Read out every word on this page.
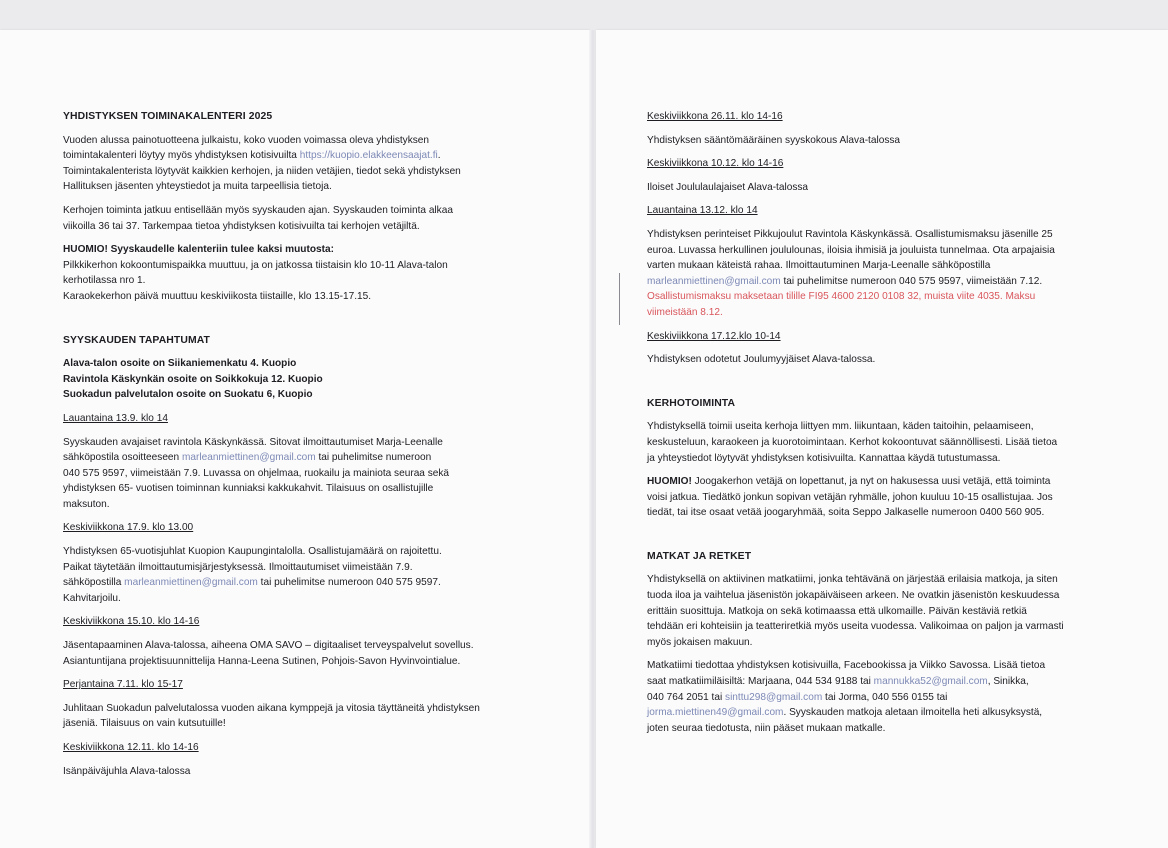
YHDISTYKSEN TOIMINAKALENTERI 2025
Vuoden alussa painotuotteena julkaistu, koko vuoden voimassa oleva yhdistyksen
toimintakalenteri löytyy myös yhdistyksen kotisivuilta https://kuopio.elakkeensaajat.fi.
Toimintakalenterista löytyvät kaikkien kerhojen, ja niiden vetäjien, tiedot sekä yhdistyksen
Hallituksen jäsenten yhteystiedot ja muita tarpeellisia tietoja.
Kerhojen toiminta jatkuu entisellään myös syyskauden ajan. Syyskauden toiminta alkaa
viikoilla 36 tai 37. Tarkempaa tietoa yhdistyksen kotisivuilta tai kerhojen vetäjiltä.
HUOMIO! Syyskaudelle kalenteriin tulee kaksi muutosta:
Pilkkikerhon kokoontumispaikka muuttuu, ja on jatkossa tiistaisin klo 10-11 Alava-talon
kerhotilassa nro 1.
Karaokekerhon päivä muuttuu keskiviikosta tiistaille, klo 13.15-17.15.
SYYSKAUDEN TAPAHTUMAT
Alava-talon osoite on Siikaniemenkatu 4. Kuopio
Ravintola Käskynkän osoite on Soikkokuja 12. Kuopio
Suokadun palvelutalon osoite on Suokatu 6, Kuopio
Lauantaina 13.9. klo 14
Syyskauden avajaiset ravintola Käskynkässä. Sitovat ilmoittautumiset Marja-Leenalle
sähköpostila osoitteeseen marleanmiettinen@gmail.com tai puhelimitse numeroon
040 575 9597, viimeistään 7.9. Luvassa on ohjelmaa, ruokailu ja mainiota seuraa sekä
yhdistyksen 65- vuotisen toiminnan kunniaksi kakkukahvit. Tilaisuus on osallistujille
maksuton.
Keskiviikkona 17.9. klo 13.00
Yhdistyksen 65-vuotisjuhlat Kuopion Kaupungintalolla. Osallistujamäärä on rajoitettu.
Paikat täytetään ilmoittautumisjärjestyksessä. Ilmoittautumiset viimeistään 7.9.
sähköpostilla marleanmiettinen@gmail.com tai puhelimitse numeroon 040 575 9597.
Kahvitarjoilu.
Keskiviikkona 15.10. klo 14-16
Jäsentapaaminen Alava-talossa, aiheena OMA SAVO – digitaaliset terveyspalvelut sovellus.
Asiantuntijana projektisuunnittelija Hanna-Leena Sutinen, Pohjois-Savon Hyvinvointialue.
Perjantaina 7.11. klo 15-17
Juhlitaan Suokadun palvelutalossa vuoden aikana kymppejä ja vitosia täyttäneitä yhdistyksen
jäseniä. Tilaisuus on vain kutsutuille!
Keskiviikkona 12.11. klo 14-16
Isänpäiväjuhla Alava-talossa
Keskiviikkona 26.11. klo 14-16
Yhdistyksen sääntömääräinen syyskokous Alava-talossa
Keskiviikkona 10.12. klo 14-16
Iloiset Joululaulajaiset Alava-talossa
Lauantaina 13.12. klo 14
Yhdistyksen perinteiset Pikkujoulut Ravintola Käskynkässä. Osallistumismaksu jäsenille 25
euroa. Luvassa herkullinen joululounas, iloisia ihmisiä ja jouluista tunnelmaa. Ota arpajaisia
varten mukaan käteistä rahaa. Ilmoittautuminen Marja-Leenalle sähköpostilla
marleanmiettinen@gmail.com tai puhelimitse numeroon 040 575 9597, viimeistään 7.12.
Osallistumismaksu maksetaan tilille FI95 4600 2120 0108 32, muista viite 4035. Maksu
viimeistään 8.12.
Keskiviikkona 17.12.klo 10-14
Yhdistyksen odotetut Joulumyyjäiset Alava-talossa.
KERHOTOIMINTA
Yhdistyksellä toimii useita kerhoja liittyen mm. liikuntaan, käden taitoihin, pelaamiseen,
keskusteluun, karaokeen ja kuorotoimintaan. Kerhot kokoontuvat säännöllisesti. Lisää tietoa
ja yhteystiedot löytyvät yhdistyksen kotisivuilta. Kannattaa käydä tutustumassa.
HUOMIO! Joogakerhon vetäjä on lopettanut, ja nyt on hakusessa uusi vetäjä, että toiminta
voisi jatkua. Tiedätkö jonkun sopivan vetäjän ryhmälle, johon kuuluu 10-15 osallistujaa. Jos
tiedät, tai itse osaat vetää joogaryhmää, soita Seppo Jalkaselle numeroon 0400 560 905.
MATKAT JA RETKET
Yhdistyksellä on aktiivinen matkatiimi, jonka tehtävänä on järjestää erilaisia matkoja, ja siten
tuoda iloa ja vaihtelua jäsenistön jokapäiväiseen arkeen. Ne ovatkin jäsenistön keskuudessa
erittäin suosittuja. Matkoja on sekä kotimaassa että ulkomaille. Päivän kestäviä retkiä
tehdään eri kohteisiin ja teatteriretkiä myös useita vuodessa. Valikoimaa on paljon ja varmasti
myös jokaisen makuun.
Matkatiimi tiedottaa yhdistyksen kotisivuilla, Facebookissa ja Viikko Savossa. Lisää tietoa
saat matkatiimiläisiltä: Marjaana, 044 534 9188 tai mannukka52@gmail.com, Sinikka,
040 764 2051 tai sinttu298@gmail.com tai Jorma, 040 556 0155 tai
jorma.miettinen49@gmail.com. Syyskauden matkoja aletaan ilmoitella heti alkusyksystä,
joten seuraa tiedotusta, niin pääset mukaan matkalle.
